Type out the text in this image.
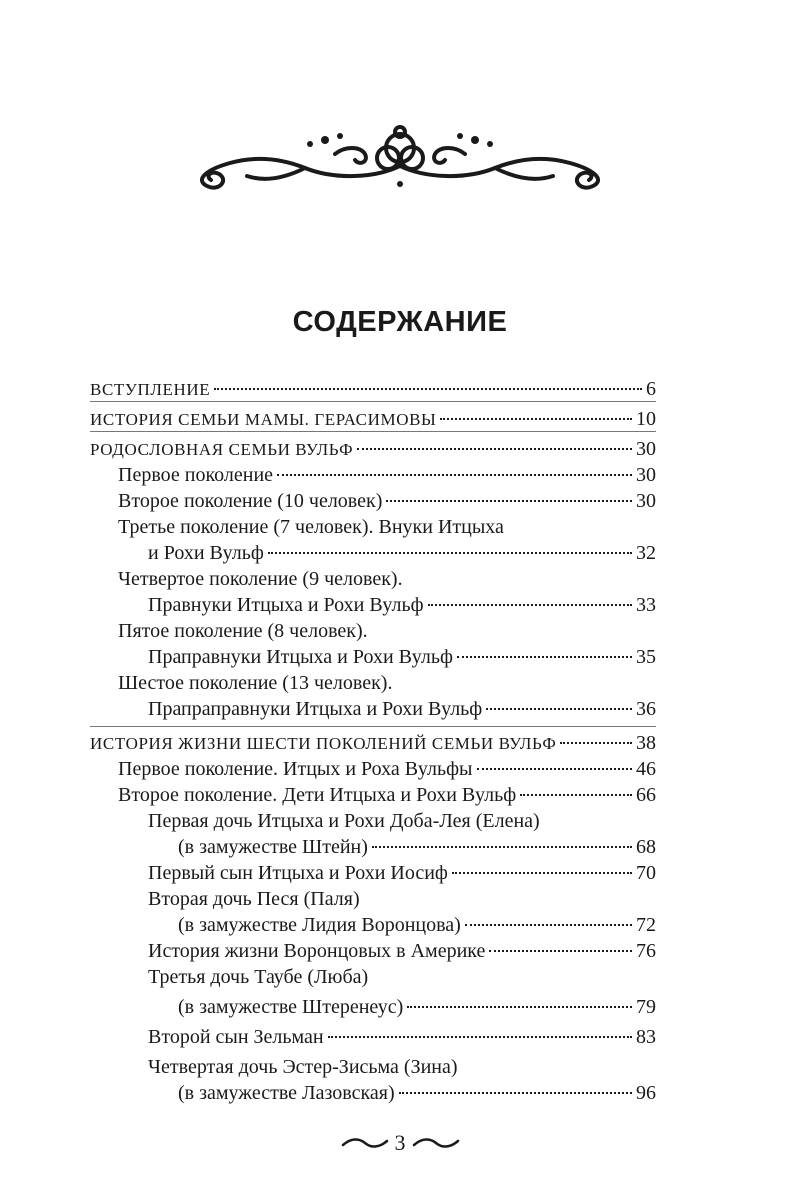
СОДЕРЖАНИЕ
ВСТУПЛЕНИЕ	6
ИСТОРИЯ СЕМЬИ МАМЫ. ГЕРАСИМОВЫ	10
РОДОСЛОВНАЯ СЕМЬИ ВУЛЬФ	30
Первое поколение	30
Второе поколение (10 человек)	30
Третье поколение (7 человек). Внуки Итцыха
и Рохи Вульф	32
Четвертое поколение (9 человек).
Правнуки Итцыха и Рохи Вульф	33
Пятое поколение (8 человек).
Праправнуки Итцыха и Рохи Вульф	35
Шестое поколение (13 человек).
Прапраправнуки Итцыха и Рохи Вульф	36
ИСТОРИЯ ЖИЗНИ ШЕСТИ ПОКОЛЕНИЙ СЕМЬИ ВУЛЬФ	38
Первое поколение. Итцых и Роха Вульфы	46
Второе поколение. Дети Итцыха и Рохи Вульф	66
Первая дочь Итцыха и Рохи Доба-Лея (Елена)
(в замужестве Штейн)	68
Первый сын Итцыха и Рохи Иосиф	70
Вторая дочь Песя (Паля)
(в замужестве Лидия Воронцова)	72
История жизни Воронцовых в Америке	76
Третья дочь Таубе (Люба)
(в замужестве Штеренеус)	79
Второй сын Зельман	83
Четвертая дочь Эстер-Зисьма (Зина)
3
(в замужестве Лазовская)	96
